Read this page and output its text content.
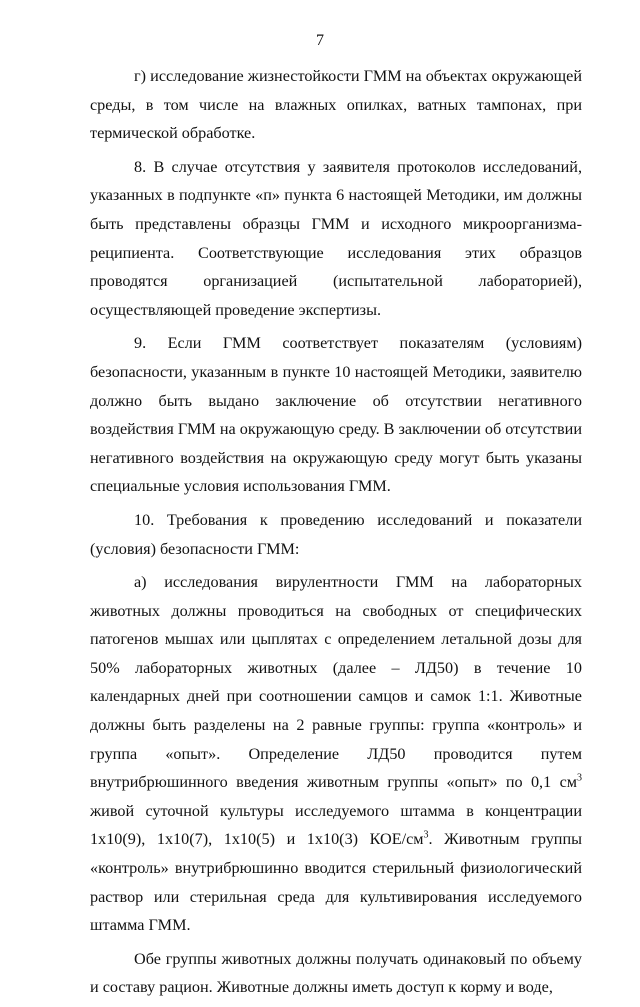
7

г) исследование жизнестойкости ГММ на объектах окружающей среды, в том числе на влажных опилках, ватных тампонах, при термической обработке.

8. В случае отсутствия у заявителя протоколов исследований, указанных в подпункте «п» пункта 6 настоящей Методики, им должны быть представлены образцы ГММ и исходного микроорганизма-реципиента. Соответствующие исследования этих образцов проводятся организацией (испытательной лабораторией), осуществляющей проведение экспертизы.

9. Если ГММ соответствует показателям (условиям) безопасности, указанным в пункте 10 настоящей Методики, заявителю должно быть выдано заключение об отсутствии негативного воздействия ГММ на окружающую среду. В заключении об отсутствии негативного воздействия на окружающую среду могут быть указаны специальные условия использования ГММ.

10. Требования к проведению исследований и показатели (условия) безопасности ГММ:

а) исследования вирулентности ГММ на лабораторных животных должны проводиться на свободных от специфических патогенов мышах или цыплятах с определением летальной дозы для 50% лабораторных животных (далее – ЛД50) в течение 10 календарных дней при соотношении самцов и самок 1:1. Животные должны быть разделены на 2 равные группы: группа «контроль» и группа «опыт». Определение ЛД50 проводится путем внутрибрюшинного введения животным группы «опыт» по 0,1 $см^3$ живой суточной культуры исследуемого штамма в концентрации 1х10(9), 1х10(7), 1х10(5) и 1х10(3) КОЕ/$см^3$. Животным группы «контроль» внутрибрюшинно вводится стерильный физиологический раствор или стерильная среда для культивирования исследуемого штамма ГММ.

Обе группы животных должны получать одинаковый по объему и составу рацион. Животные должны иметь доступ к корму и воде,
